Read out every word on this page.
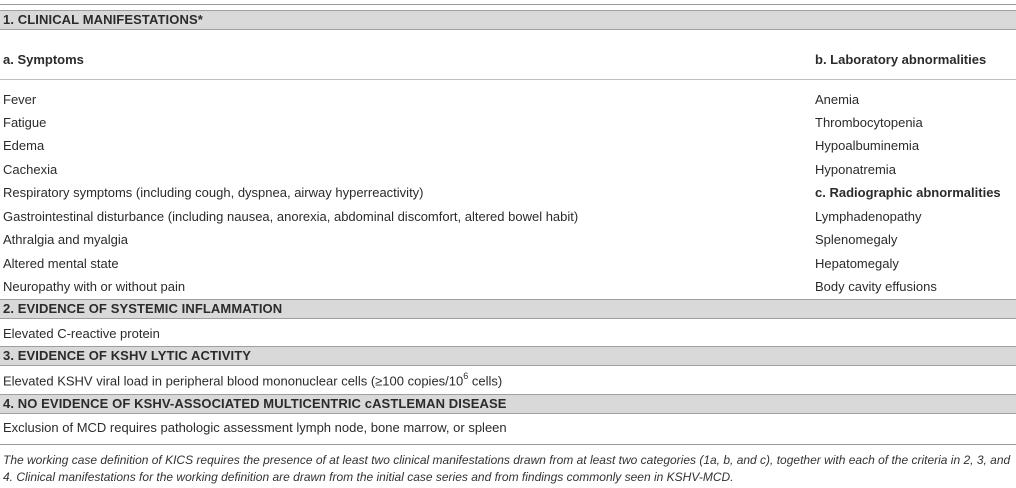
1. CLINICAL MANIFESTATIONS*
a. Symptoms	b. Laboratory abnormalities
Fever
Fatigue
Edema
Cachexia
Respiratory symptoms (including cough, dyspnea, airway hyperreactivity)
Gastrointestinal disturbance (including nausea, anorexia, abdominal discomfort, altered bowel habit)
Athralgia and myalgia
Altered mental state
Neuropathy with or without pain
Anemia
Thrombocytopenia
Hypoalbuminemia
Hyponatremia
c. Radiographic abnormalities
Lymphadenopathy
Splenomegaly
Hepatomegaly
Body cavity effusions
2. EVIDENCE OF SYSTEMIC INFLAMMATION
Elevated C-reactive protein
3. EVIDENCE OF KSHV LYTIC ACTIVITY
Elevated KSHV viral load in peripheral blood mononuclear cells (≥100 copies/$10^6$ cells)
4. NO EVIDENCE OF KSHV-ASSOCIATED MULTICENTRIC cASTLEMAN DISEASE
Exclusion of MCD requires pathologic assessment lymph node, bone marrow, or spleen
The working case definition of KICS requires the presence of at least two clinical manifestations drawn from at least two categories (1a, b, and c), together with each of the criteria in 2, 3, and 4. Clinical manifestations for the working definition are drawn from the initial case series and from findings commonly seen in KSHV-MCD.
